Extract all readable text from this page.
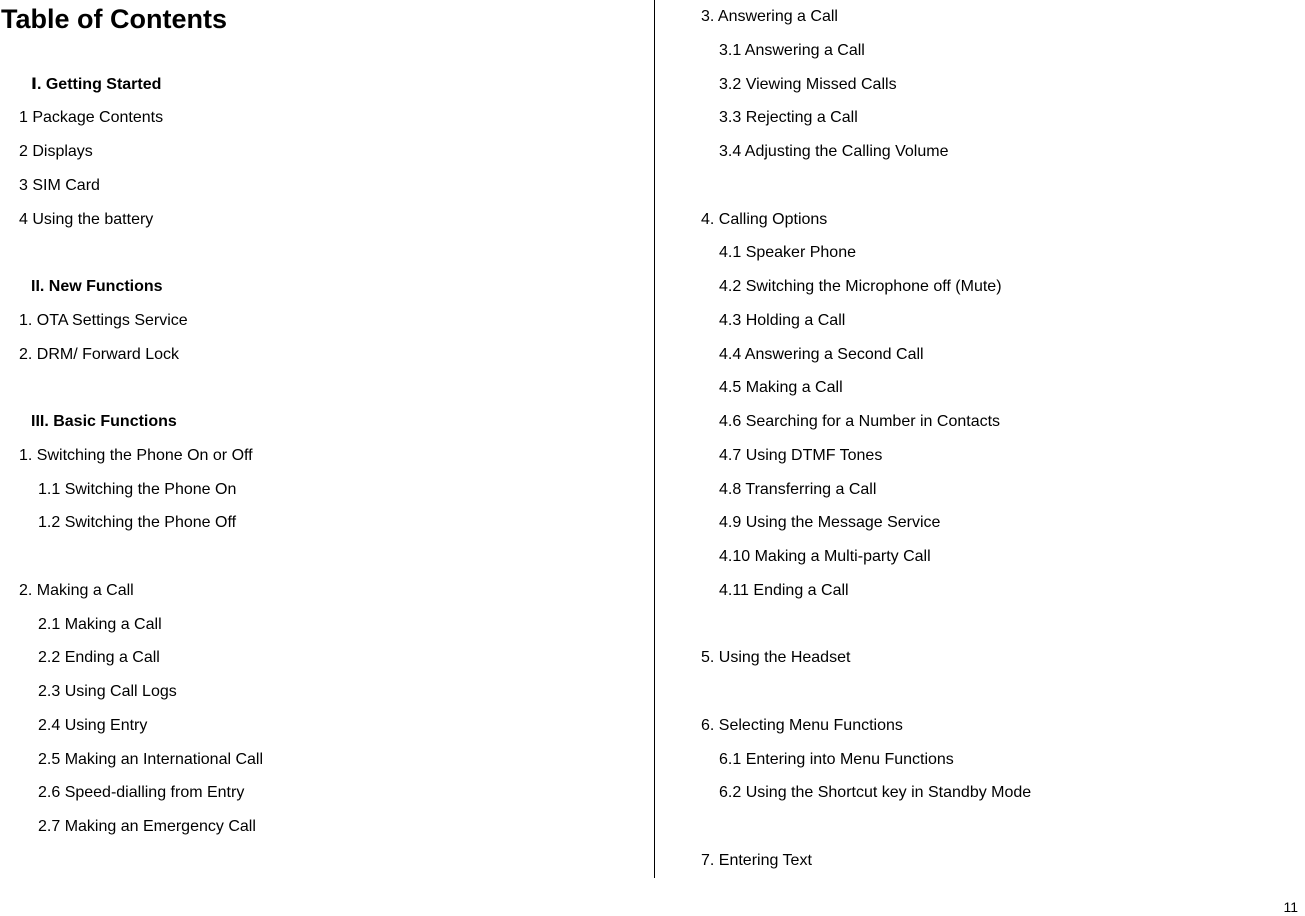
Table of Contents
Ⅰ. Getting Started
1 Package Contents
2 Displays
3 SIM Card
4 Using the battery
II. New Functions
1. OTA Settings Service
2. DRM/ Forward Lock
III. Basic Functions
1. Switching the Phone On or Off
1.1 Switching the Phone On
1.2 Switching the Phone Off
2. Making a Call
2.1 Making a Call
2.2 Ending a Call
2.3 Using Call Logs
2.4 Using Entry
2.5 Making an International Call
2.6 Speed-dialling from Entry
2.7 Making an Emergency Call
3. Answering a Call
3.1 Answering a Call
3.2 Viewing Missed Calls
3.3 Rejecting a Call
3.4 Adjusting the Calling Volume
4. Calling Options
4.1 Speaker Phone
4.2 Switching the Microphone off (Mute)
4.3 Holding a Call
4.4 Answering a Second Call
4.5 Making a Call
4.6 Searching for a Number in Contacts
4.7 Using DTMF Tones
4.8 Transferring a Call
4.9 Using the Message Service
4.10 Making a Multi-party Call
4.11 Ending a Call
5. Using the Headset
6. Selecting Menu Functions
6.1 Entering into Menu Functions
6.2 Using the Shortcut key in Standby Mode
7. Entering Text
11
